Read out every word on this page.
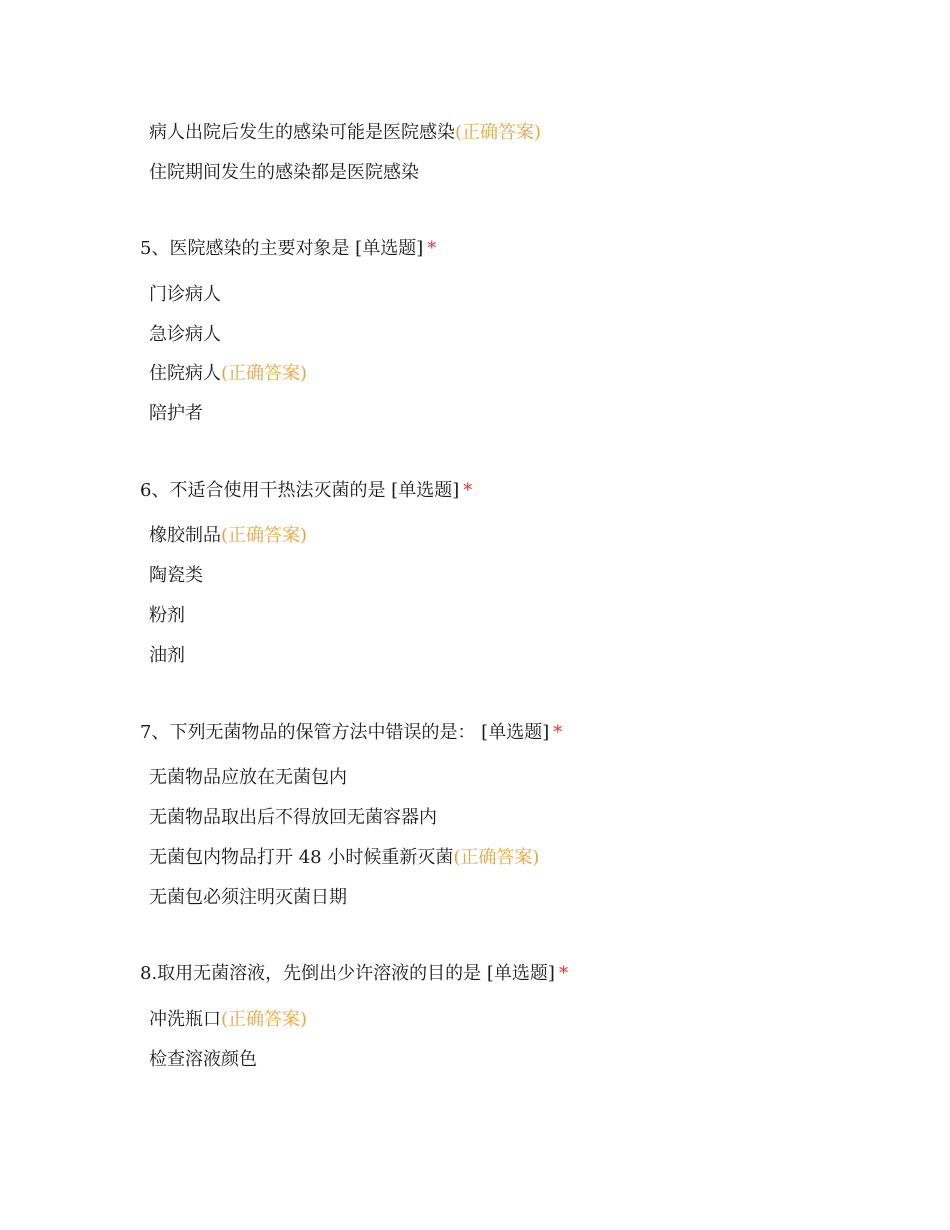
病人出院后发生的感染可能是医院感染(正确答案)
住院期间发生的感染都是医院感染
5、医院感染的主要对象是 [单选题] *
门诊病人
急诊病人
住院病人(正确答案)
陪护者
6、不适合使用干热法灭菌的是 [单选题] *
橡胶制品(正确答案)
陶瓷类
粉剂
油剂
7、下列无菌物品的保管方法中错误的是： [单选题] *
无菌物品应放在无菌包内
无菌物品取出后不得放回无菌容器内
无菌包内物品打开 48 小时候重新灭菌(正确答案)
无菌包必须注明灭菌日期
8.取用无菌溶液，先倒出少许溶液的目的是 [单选题] *
冲洗瓶口(正确答案)
检查溶液颜色
